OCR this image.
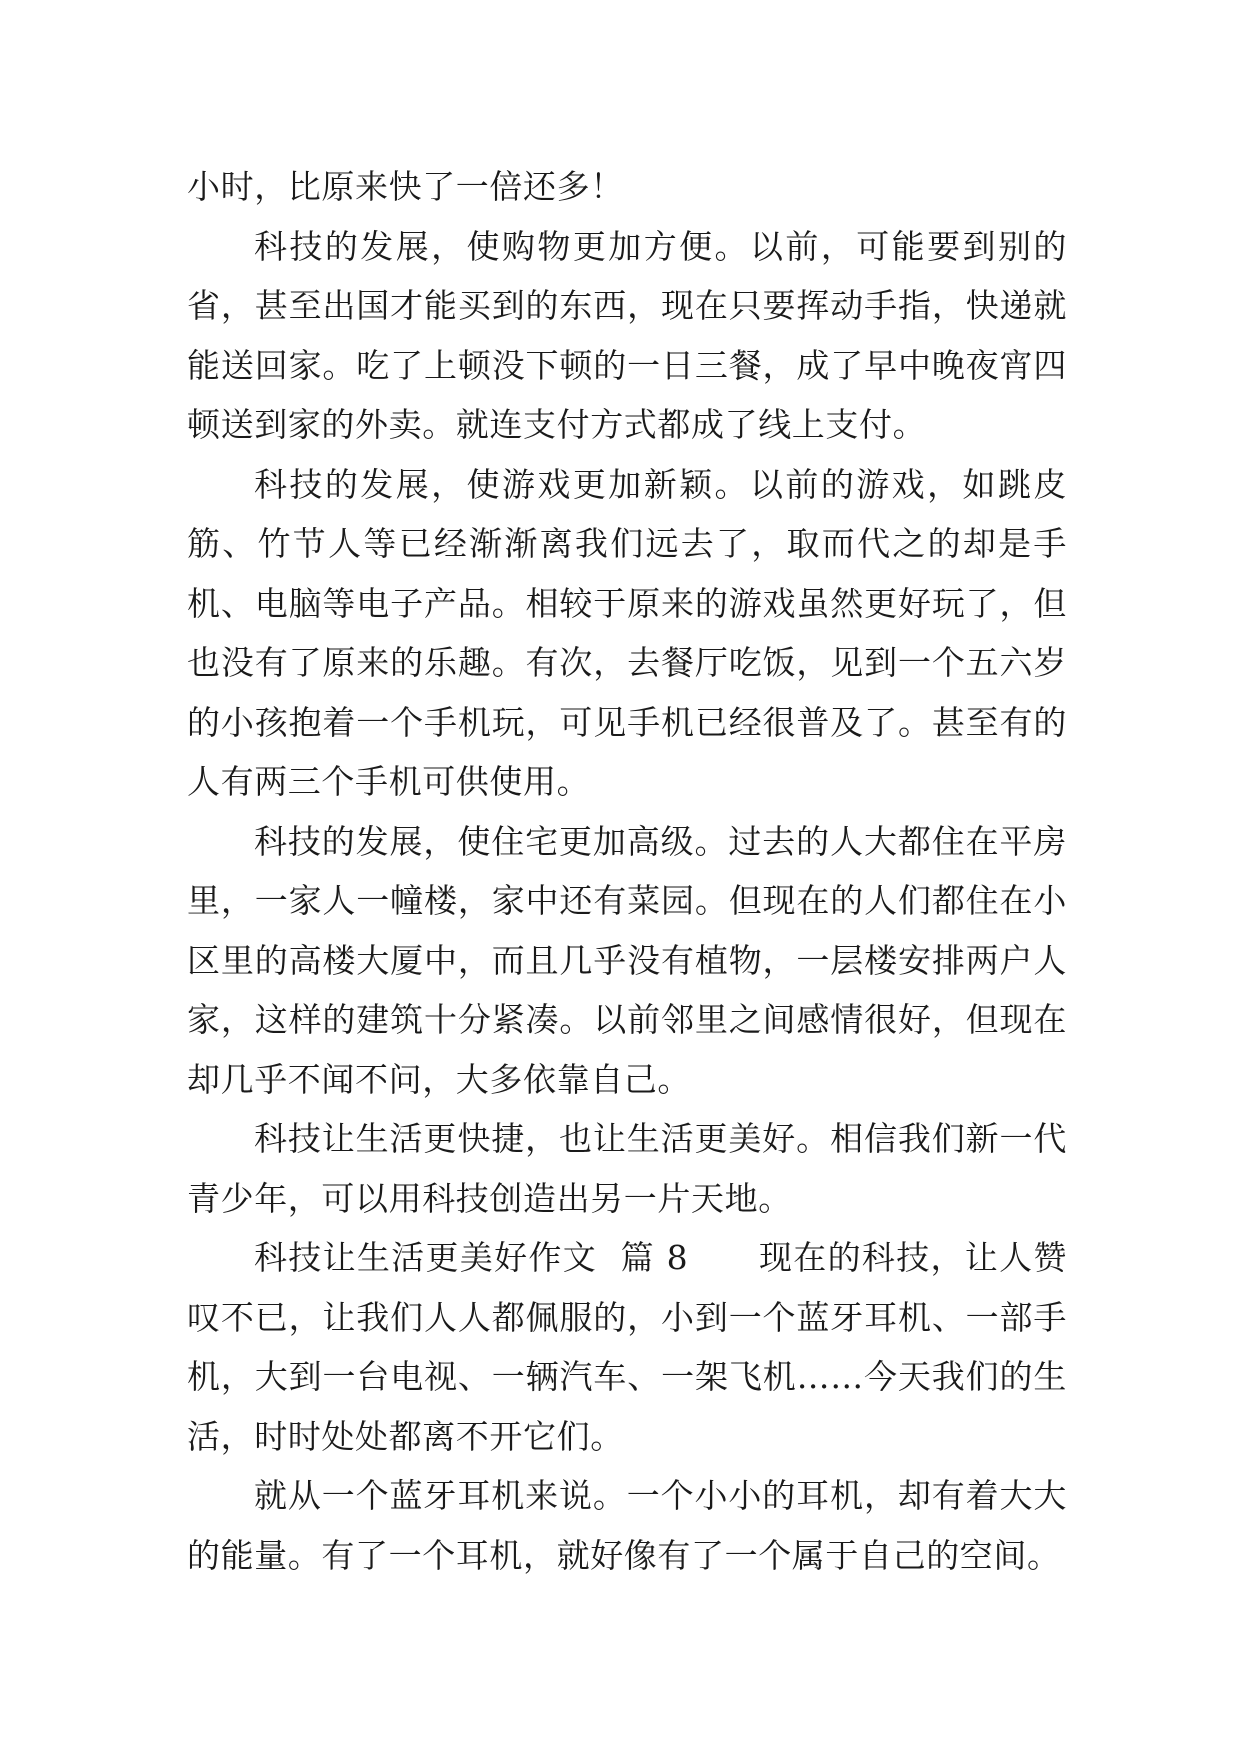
小时，比原来快了一倍还多！

科技的发展，使购物更加方便。以前，可能要到别的省，甚至出国才能买到的东西，现在只要挥动手指，快递就能送回家。吃了上顿没下顿的一日三餐，成了早中晚夜宵四顿送到家的外卖。就连支付方式都成了线上支付。

科技的发展，使游戏更加新颖。以前的游戏，如跳皮筋、竹节人等已经渐渐离我们远去了，取而代之的却是手机、电脑等电子产品。相较于原来的游戏虽然更好玩了，但也没有了原来的乐趣。有次，去餐厅吃饭，见到一个五六岁的小孩抱着一个手机玩，可见手机已经很普及了。甚至有的人有两三个手机可供使用。

科技的发展，使住宅更加高级。过去的人大都住在平房里，一家人一幢楼，家中还有菜园。但现在的人们都住在小区里的高楼大厦中，而且几乎没有植物，一层楼安排两户人家，这样的建筑十分紧凑。以前邻里之间感情很好，但现在却几乎不闻不问，大多依靠自己。

科技让生活更快捷，也让生活更美好。相信我们新一代青少年，可以用科技创造出另一片天地。

科技让生活更美好作文  篇 8      现在的科技，让人赞叹不已，让我们人人都佩服的，小到一个蓝牙耳机、一部手机，大到一台电视、一辆汽车、一架飞机……今天我们的生活，时时处处都离不开它们。

就从一个蓝牙耳机来说。一个小小的耳机，却有着大大的能量。有了一个耳机，就好像有了一个属于自己的空间。
